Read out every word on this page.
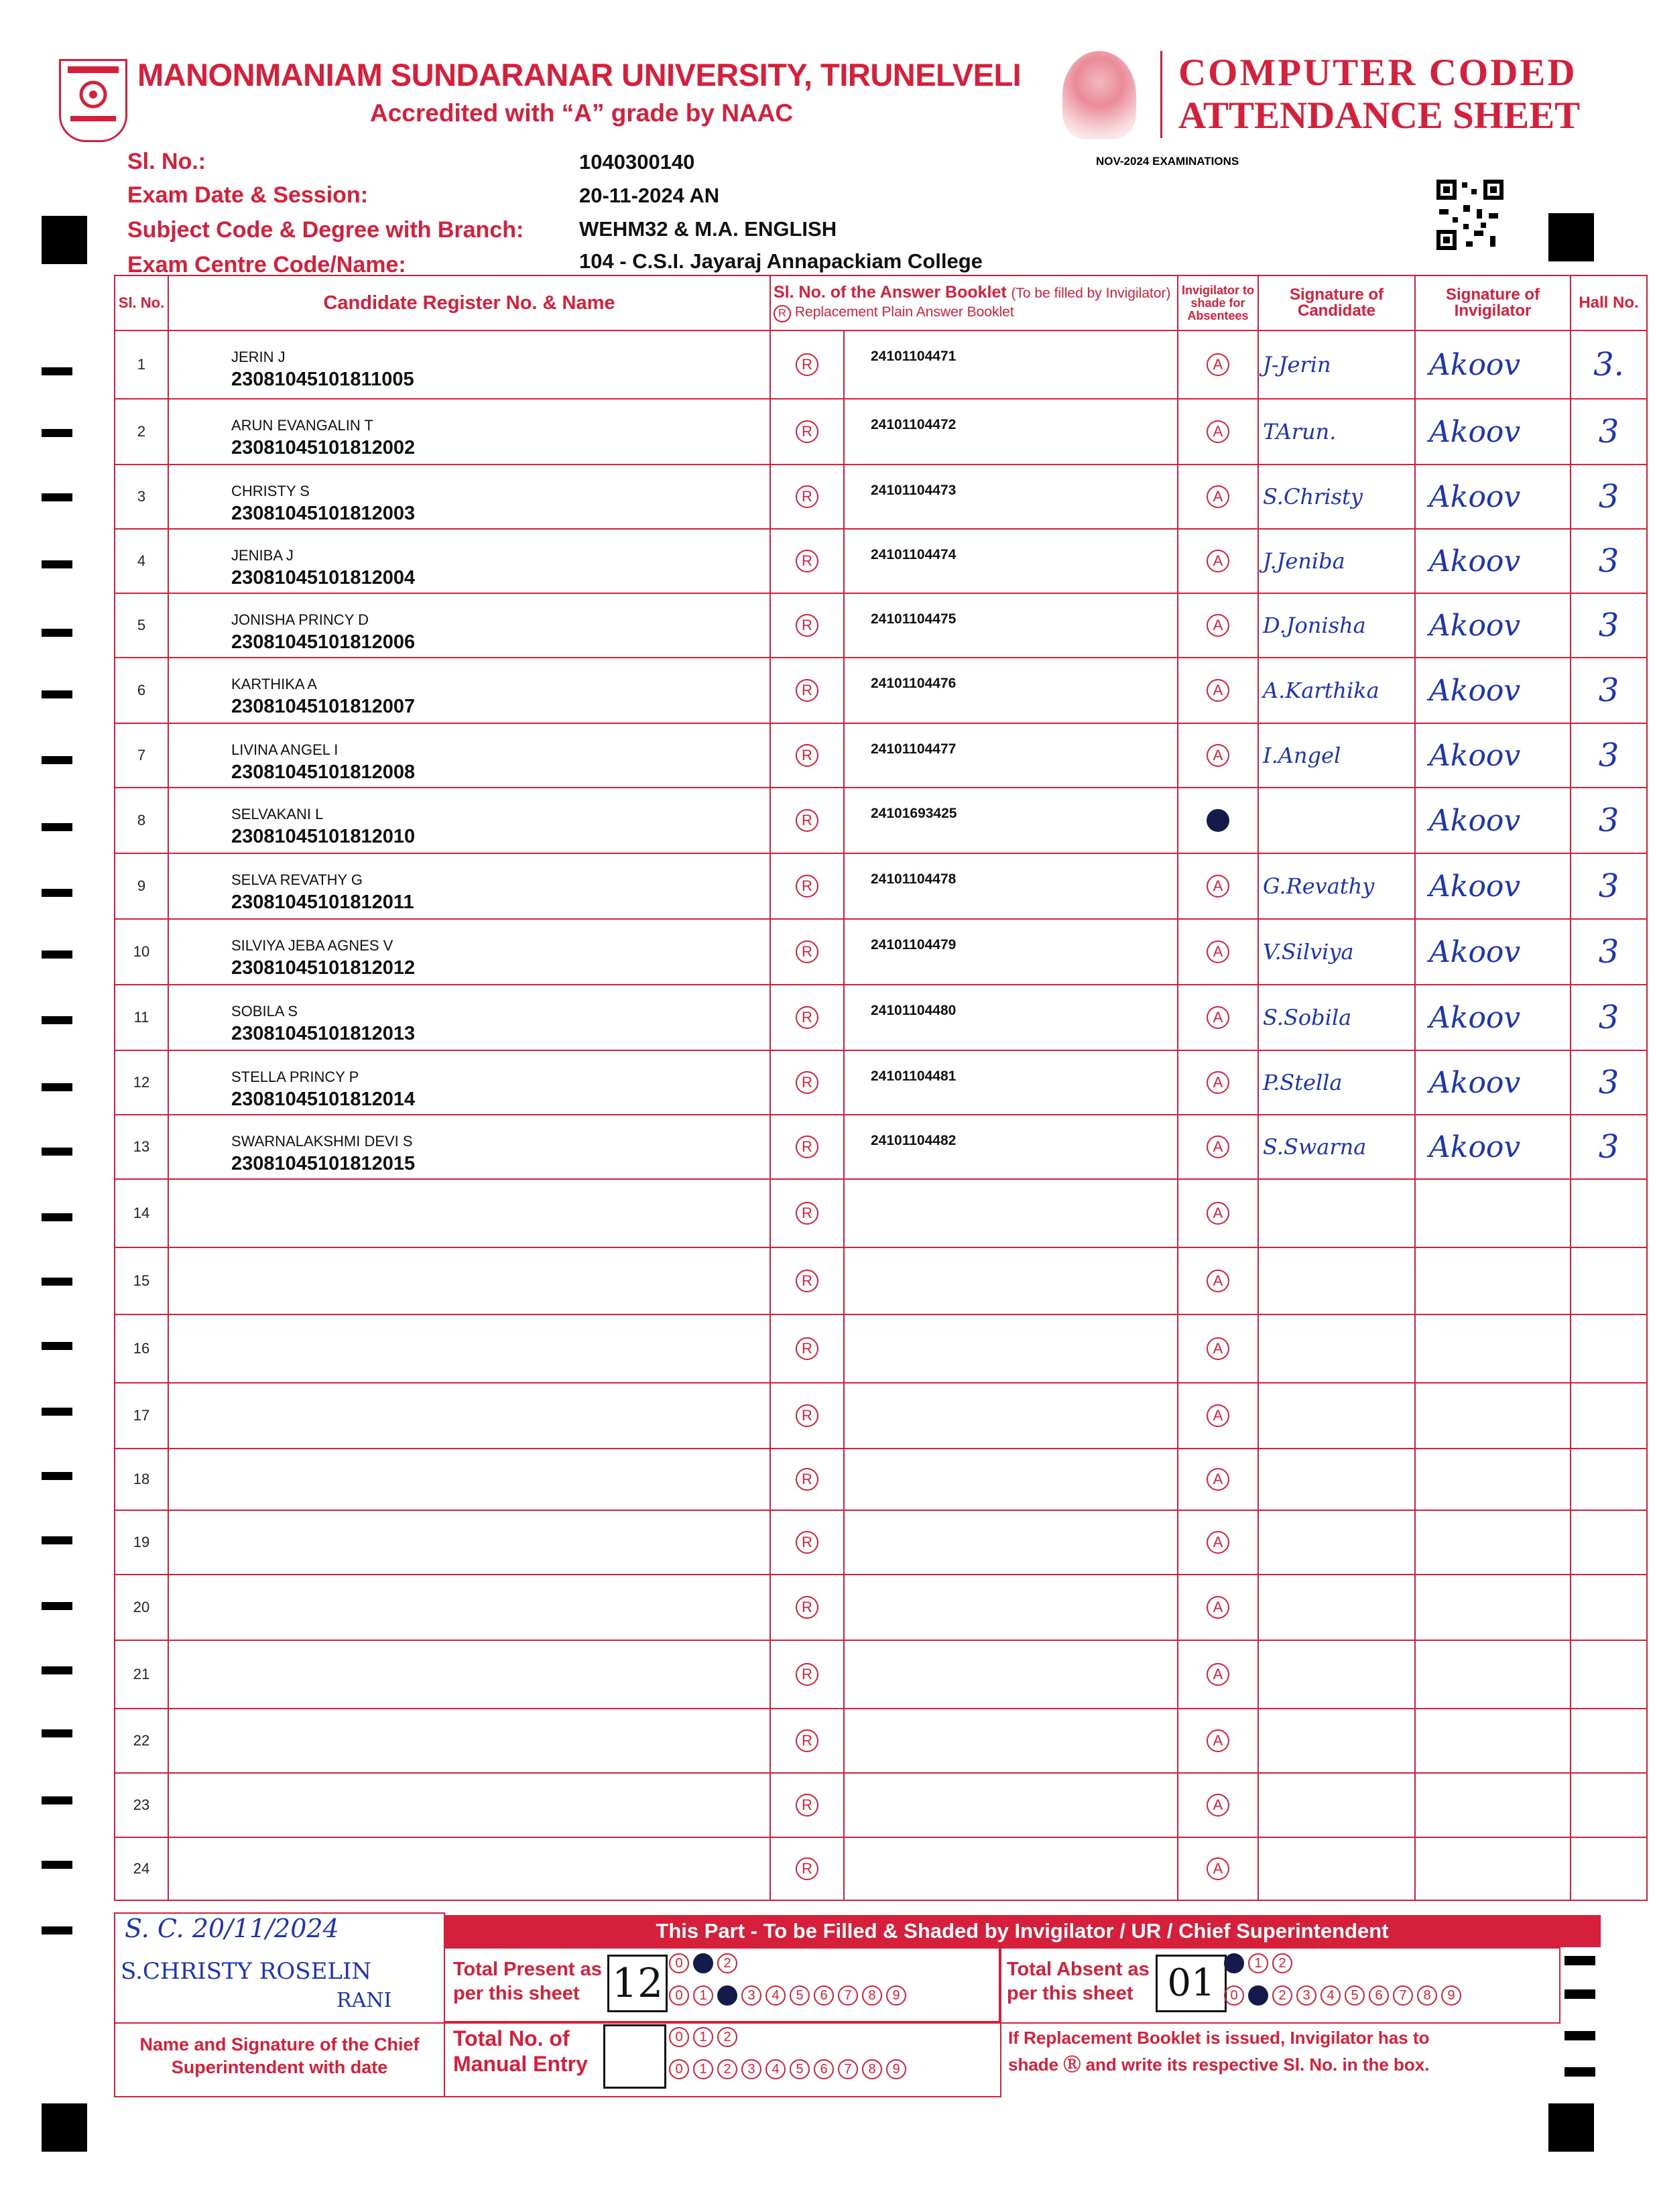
MANONMANIAM SUNDARANAR UNIVERSITY, TIRUNELVELI
Accredited with “A” grade by NAAC
COMPUTER CODED
ATTENDANCE SHEET
NOV-2024 EXAMINATIONS
Sl. No.:	1040300140
Exam Date & Session:	20-11-2024 AN
Subject Code & Degree with Branch:	WEHM32 & M.A. ENGLISH
Exam Centre Code/Name:	104 - C.S.I. Jayaraj Annapackiam College
Sl. No.	Candidate Register No. & Name	Sl. No. of the Answer Booklet (To be filled by Invigilator)
R Replacement Plain Answer Booklet		Invigilator to shade for Absentees	Signature of Candidate	Signature of Invigilator	Hall No.
1	JERIN J
23081045101811005	R	24101104471	A	J-Jerin	Akoov	3.

2	ARUN EVANGALIN T
23081045101812002	R	24101104472	A	TArun.	Akoov	3

3	CHRISTY S
23081045101812003	R	24101104473	A	S.Christy	Akoov	3

4	JENIBA J
23081045101812004	R	24101104474	A	J.Jeniba	Akoov	3

5	JONISHA PRINCY D
23081045101812006	R	24101104475	A	D.Jonisha	Akoov	3

6	KARTHIKA A
23081045101812007	R	24101104476	A	A.Karthika	Akoov	3

7	LIVINA ANGEL I
23081045101812008	R	24101104477	A	I.Angel	Akoov	3

8	SELVAKANI L
23081045101812010	R	24101693425	A		Akoov	3

9	SELVA REVATHY G
23081045101812011	R	24101104478	A	G.Revathy	Akoov	3

10	SILVIYA JEBA AGNES V
23081045101812012	R	24101104479	A	V.Silviya	Akoov	3

11	SOBILA S
23081045101812013	R	24101104480	A	S.Sobila	Akoov	3

12	STELLA PRINCY P
23081045101812014	R	24101104481	A	P.Stella	Akoov	3

13	SWARNALAKSHMI DEVI S
23081045101812015	R	24101104482	A	S.Swarna	Akoov	3

14		R		A			

15		R		A			

16		R		A			

17		R		A			

18		R		A			

19		R		A			

20		R		A			

21		R		A			

22		R		A			

23		R		A			

24		R		A			
S. C. 20/11/2024
S.CHRISTY ROSELIN
RANI
Name and Signature of the Chief Superintendent with date
This Part - To be Filled & Shaded by Invigilator / UR / Chief Superintendent
Total Present as per this sheet 12 0 1 2
0 1 2 3 4 5 6 7 8 9
Total Absent as per this sheet 01	0 1 2
0 1 2 3 4 5 6 7 8 9
Total No. of Manual Entry
0 1 2
0 1 2 3 4 5 6 7 8 9
If Replacement Booklet is issued, Invigilator has to shade Ⓡ and write its respective Sl. No. in the box.
